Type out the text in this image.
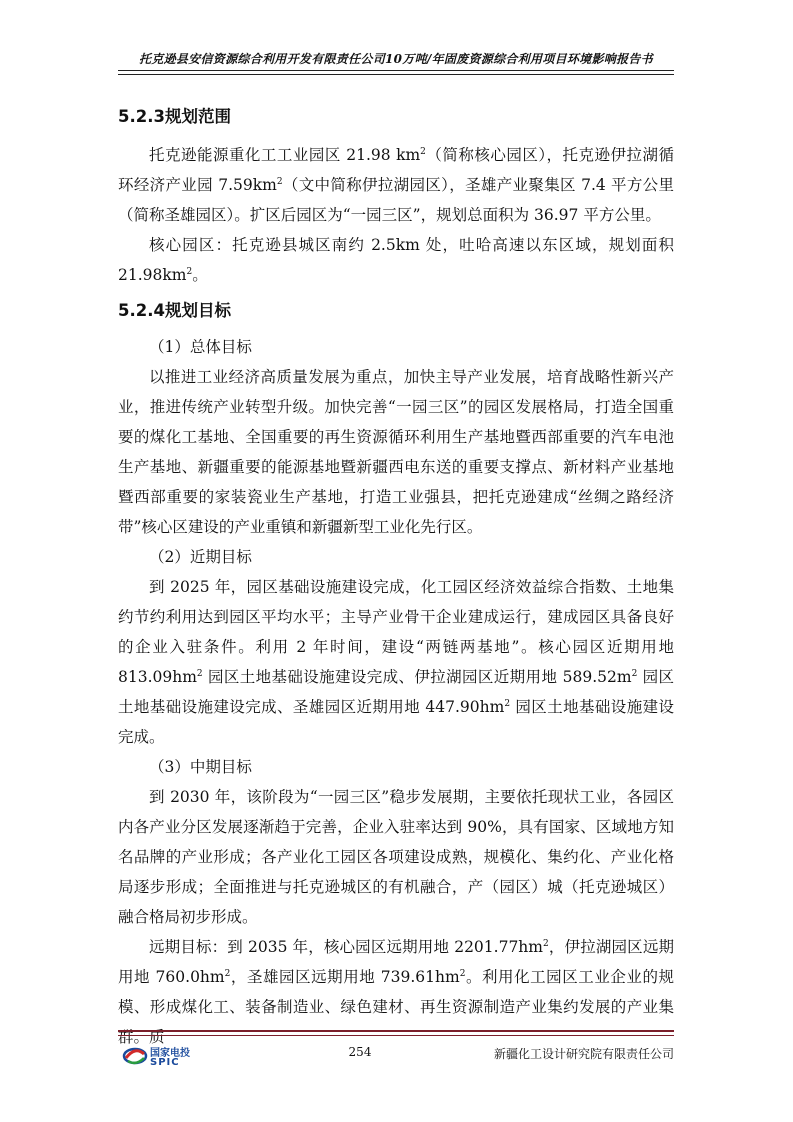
托克逊县安信资源综合利用开发有限责任公司10万吨/年固废资源综合利用项目环境影响报告书
5.2.3规划范围

托克逊能源重化工工业园区 21.98 $km^2$（简称核心园区），托克逊伊拉湖循环经济产业园 $7.59km^2$（文中简称伊拉湖园区），圣雄产业聚集区 7.4 平方公里（简称圣雄园区）。扩区后园区为“一园三区”，规划总面积为 36.97 平方公里。

核心园区：托克逊县城区南约 2.5km 处，吐哈高速以东区域，规划面积 $21.98km^2$。

5.2.4规划目标

（1）总体目标

以推进工业经济高质量发展为重点，加快主导产业发展，培育战略性新兴产业，推进传统产业转型升级。加快完善“一园三区”的园区发展格局，打造全国重要的煤化工基地、全国重要的再生资源循环利用生产基地暨西部重要的汽车电池生产基地、新疆重要的能源基地暨新疆西电东送的重要支撑点、新材料产业基地暨西部重要的家装瓷业生产基地，打造工业强县，把托克逊建成“丝绸之路经济带”核心区建设的产业重镇和新疆新型工业化先行区。

（2）近期目标

到 2025 年，园区基础设施建设完成，化工园区经济效益综合指数、土地集约节约利用达到园区平均水平；主导产业骨干企业建成运行，建成园区具备良好的企业入驻条件。利用 2 年时间，建设“两链两基地”。核心园区近期用地 $813.09hm^2$ 园区土地基础设施建设完成、伊拉湖园区近期用地 $589.52m^2$ 园区土地基础设施建设完成、圣雄园区近期用地 $447.90hm^2$ 园区土地基础设施建设完成。

（3）中期目标

到 2030 年，该阶段为“一园三区”稳步发展期，主要依托现状工业，各园区内各产业分区发展逐渐趋于完善，企业入驻率达到 90%，具有国家、区域地方知名品牌的产业形成；各产业化工园区各项建设成熟，规模化、集约化、产业化格局逐步形成；全面推进与托克逊城区的有机融合，产（园区）城（托克逊城区）融合格局初步形成。

远期目标：到 2035 年，核心园区远期用地 $2201.77hm^2$，伊拉湖园区远期用地 $760.0hm^2$，圣雄园区远期用地 $739.61hm^2$。利用化工园区工业企业的规模、形成煤化工、装备制造业、绿色建材、再生资源制造产业集约发展的产业集群。质

国家电投
SPIC
254	新疆化工设计研究院有限责任公司
